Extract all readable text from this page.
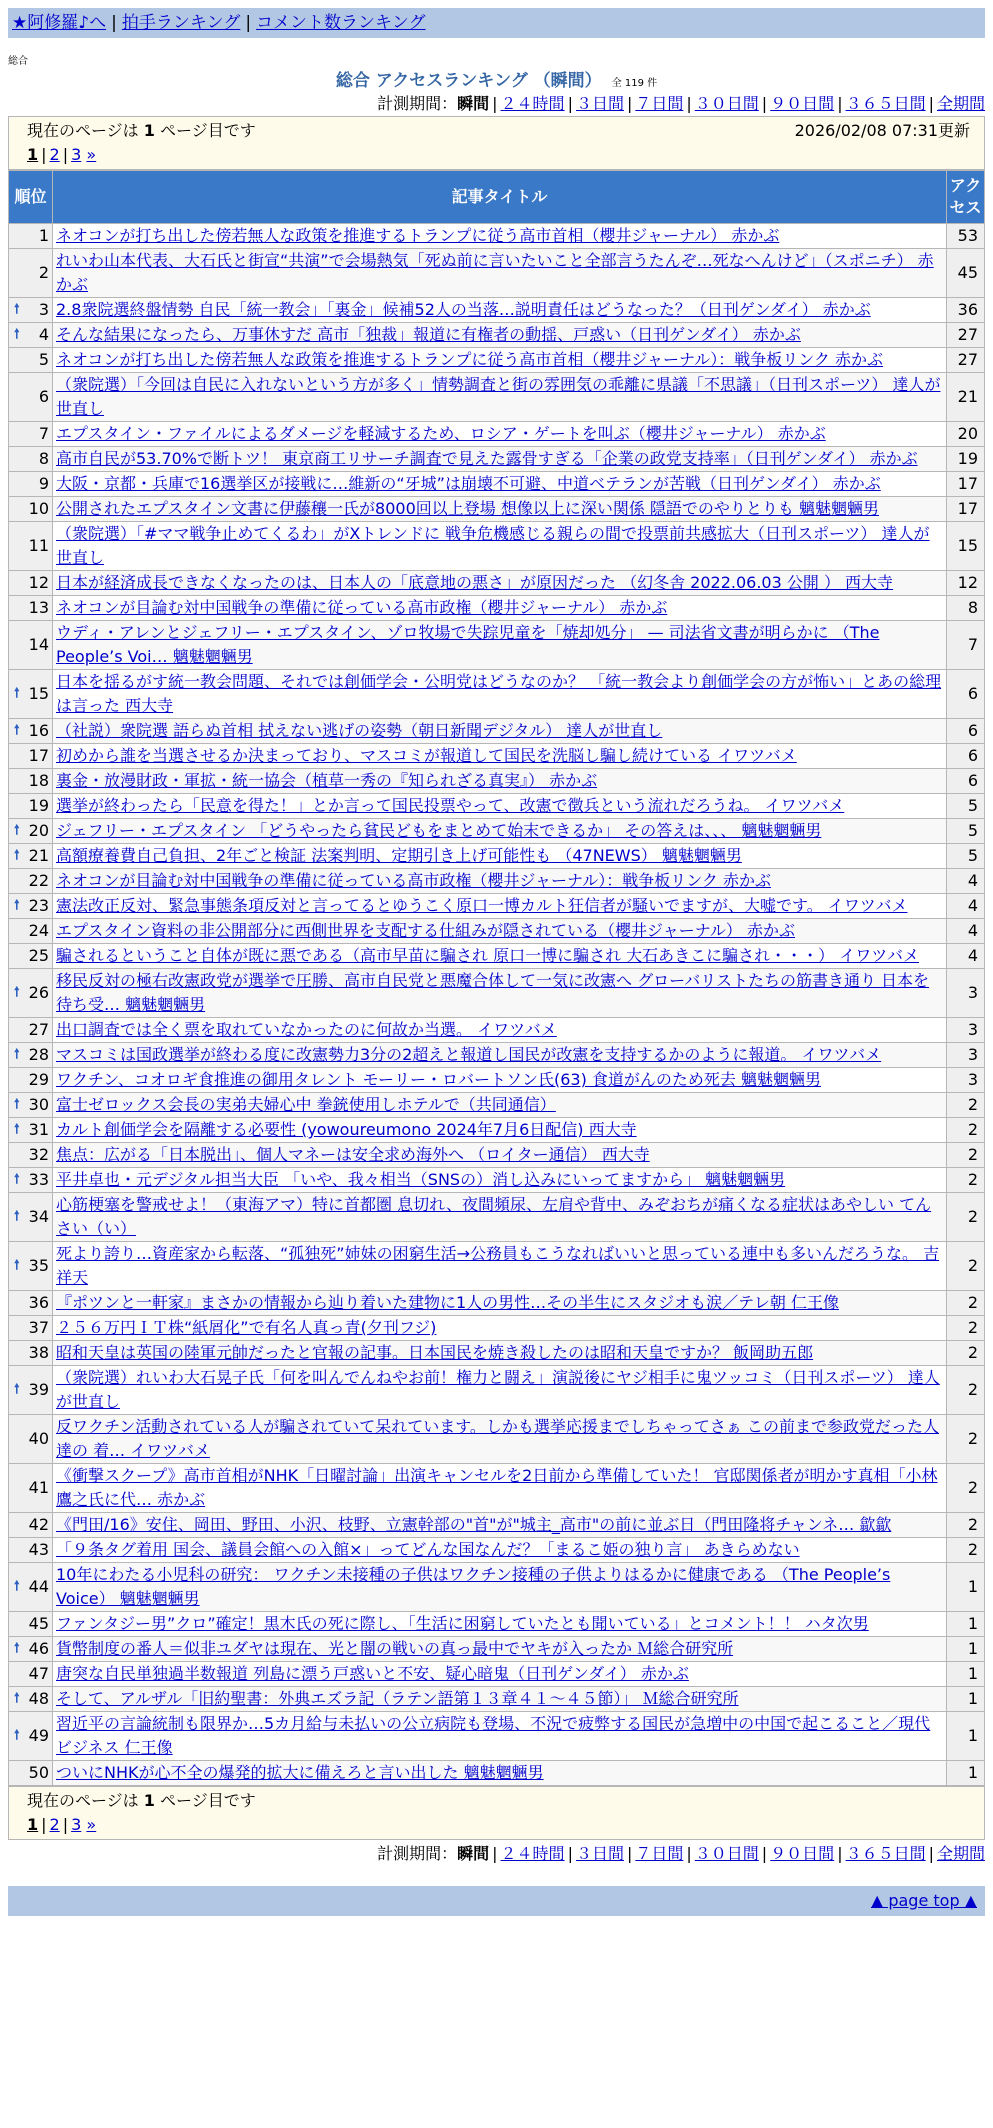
★阿修羅♪へ | 拍手ランキング | コメント数ランキング
総合
総合 アクセスランキング （瞬間） 全 119 件
計測期間：瞬間 | ２４時間 | ３日間 | ７日間 | ３０日間 | ９０日間 | ３６５日間 | 全期間
現在のページは 1 ページ目です	2026/02/08 07:31更新
1 | 2 | 3 »
順位	記事タイトル	アクセス
1	ネオコンが打ち出した傍若無人な政策を推進するトランプに従う高市首相（櫻井ジャーナル） 赤かぶ	53
2	れいわ山本代表、大石氏と街宣“共演”で会場熱気「死ぬ前に言いたいこと全部言うたんぞ…死なへんけど」（スポニチ） 赤かぶ	45

🠕 3	2.8衆院選終盤情勢 自民「統一教会」「裏金」候補52人の当落…説明責任はどうなった？（日刊ゲンダイ） 赤かぶ	36

🠕 4	そんな結果になったら、万事休すだ 高市「独裁」報道に有権者の動揺、戸惑い（日刊ゲンダイ） 赤かぶ	27
5	ネオコンが打ち出した傍若無人な政策を推進するトランプに従う高市首相（櫻井ジャーナル）：戦争板リンク 赤かぶ	27
6	（衆院選）「今回は自民に入れないという方が多く」情勢調査と街の雰囲気の乖離に県議「不思議」（日刊スポーツ） 達人が世直し	21
7	エプスタイン・ファイルによるダメージを軽減するため、ロシア・ゲートを叫ぶ（櫻井ジャーナル） 赤かぶ	20
8	高市自民が53.70%で断トツ！ 東京商工リサーチ調査で見えた露骨すぎる「企業の政党支持率」（日刊ゲンダイ） 赤かぶ	19
9	大阪・京都・兵庫で16選挙区が接戦に…維新の“牙城”は崩壊不可避、中道ベテランが苦戦（日刊ゲンダイ） 赤かぶ	17
10	公開されたエプスタイン文書に伊藤穰一氏が8000回以上登場 想像以上に深い関係 隠語でのやりとりも 魑魅魍魎男	17
11	（衆院選）「#ママ戦争止めてくるわ」がXトレンドに 戦争危機感じる親らの間で投票前共感拡大（日刊スポーツ） 達人が世直し	15
12	日本が経済成長できなくなったのは、日本人の「底意地の悪さ」が原因だった （幻冬舎 2022.06.03 公開 ） 西大寺	12
13	ネオコンが目論む対中国戦争の準備に従っている高市政権（櫻井ジャーナル） 赤かぶ	8
14	ウディ・アレンとジェフリー・エプスタイン、ゾロ牧場で失踪児童を「焼却処分」 — 司法省文書が明らかに （The People’s Voi… 魑魅魍魎男	7

🠕 15	日本を揺るがす統一教会問題、それでは創価学会・公明党はどうなのか？ 「統一教会より創価学会の方が怖い」とあの総理は言った 西大寺	6

🠕 16	（社説）衆院選 語らぬ首相 拭えない逃げの姿勢（朝日新聞デジタル） 達人が世直し	6
17	初めから誰を当選させるか決まっており、マスコミが報道して国民を洗脳し騙し続けている イワツバメ	6
18	裏金・放漫財政・軍拡・統一協会（植草一秀の『知られざる真実』） 赤かぶ	6
19	選挙が終わったら「民意を得た！」とか言って国民投票やって、改憲で徴兵という流れだろうね。 イワツバメ	5

🠕 20	ジェフリー・エプスタイン 「どうやったら貧民どもをまとめて始末できるか」 その答えは、、、 魑魅魍魎男	5

🠕 21	高額療養費自己負担、2年ごと検証 法案判明、定期引き上げ可能性も （47NEWS） 魑魅魍魎男	5
22	ネオコンが目論む対中国戦争の準備に従っている高市政権（櫻井ジャーナル）：戦争板リンク 赤かぶ	4

🠕 23	憲法改正反対、緊急事態条項反対と言ってるとゆうこく原口一博カルト狂信者が騒いでますが、大嘘です。 イワツバメ	4
24	エプスタイン資料の非公開部分に西側世界を支配する仕組みが隠されている（櫻井ジャーナル） 赤かぶ	4
25	騙されるということ自体が既に悪である（高市早苗に騙され 原口一博に騙され 大石あきこに騙され・・・） イワツバメ	4

🠕 26	移民反対の極右改憲政党が選挙で圧勝、高市自民党と悪魔合体して一気に改憲へ グローバリストたちの筋書き通り 日本を待ち受… 魑魅魍魎男	3
27	出口調査では全く票を取れていなかったのに何故か当選。 イワツバメ	3

🠕 28	マスコミは国政選挙が終わる度に改憲勢力3分の2超えと報道し国民が改憲を支持するかのように報道。 イワツバメ	3
29	ワクチン、コオロギ食推進の御用タレント モーリー・ロバートソン氏(63) 食道がんのため死去 魑魅魍魎男	3

🠕 30	富士ゼロックス会長の実弟夫婦心中 拳銃使用しホテルで（共同通信）	2

🠕 31	カルト創価学会を隔離する必要性 (yowoureumono 2024年7月6日配信) 西大寺	2
32	焦点：広がる「日本脱出」、個人マネーは安全求め海外へ （ロイター通信） 西大寺	2

🠕 33	平井卓也・元デジタル担当大臣 「いや、我々相当（SNSの）消し込みにいってますから」 魑魅魍魎男	2

🠕 34	心筋梗塞を警戒せよ！（東海アマ）特に首都圏 息切れ、夜間頻尿、左肩や背中、みぞおちが痛くなる症状はあやしい てんさい（い）	2

🠕 35	死より誇り…資産家から転落、“孤独死”姉妹の困窮生活→公務員もこうなればいいと思っている連中も多いんだろうな。 吉祥天	2
36	『ポツンと一軒家』まさかの情報から辿り着いた建物に1人の男性…その半生にスタジオも涙／テレ朝 仁王像	2
37	２５６万円ＩＴ株“紙屑化”で有名人真っ青(夕刊フジ)	2
38	昭和天皇は英国の陸軍元帥だったと官報の記事。日本国民を焼き殺したのは昭和天皇ですか？ 飯岡助五郎	2

🠕 39	（衆院選）れいわ大石晃子氏「何を叫んでんねやお前！権力と闘え」演説後にヤジ相手に鬼ツッコミ（日刊スポーツ） 達人が世直し	2
40	反ワクチン活動されている人が騙されていて呆れています。しかも選挙応援までしちゃってさぁ この前まで参政党だった人達の 着… イワツバメ	2
41	《衝撃スクープ》高市首相がNHK「日曜討論」出演キャンセルを2日前から準備していた！ 官邸関係者が明かす真相「小林鷹之氏に代… 赤かぶ	2
42	《門田/16》安住、岡田、野田、小沢、枝野、立憲幹部の"首"が"城主_高市"の前に並ぶ日（門田隆将チャンネ… 歙歙	2
43	「９条タグ着用 国会、議員会館への入館×」ってどんな国なんだ？「まるこ姫の独り言」 あきらめない	2

🠕 44	10年にわたる小児科の研究： ワクチン未接種の子供はワクチン接種の子供よりはるかに健康である （The People’s Voice） 魑魅魍魎男	1
45	ファンタジー男”クロ”確定！黒木氏の死に際し、「生活に困窮していたとも聞いている」とコメント！！ ハタ次男	1

🠕 46	貨幣制度の番人＝似非ユダヤは現在、光と闇の戦いの真っ最中でヤキが入ったか Ｍ総合研究所	1
47	唐突な自民単独過半数報道 列島に漂う戸惑いと不安、疑心暗鬼（日刊ゲンダイ） 赤かぶ	1

🠕 48	そして、アルザル「旧約聖書：外典エズラ記（ラテン語第１３章４１～４５節）」 Ｍ総合研究所	1

🠕 49	習近平の言論統制も限界か…5カ月給与未払いの公立病院も登場、不況で疲弊する国民が急増中の中国で起こること／現代ビジネス 仁王像	1
50	ついにNHKが心不全の爆発的拡大に備えろと言い出した 魑魅魍魎男	1
現在のページは 1 ページ目です
1 | 2 | 3 »
計測期間：瞬間 | ２４時間 | ３日間 | ７日間 | ３０日間 | ９０日間 | ３６５日間 | 全期間
▲ page top ▲
